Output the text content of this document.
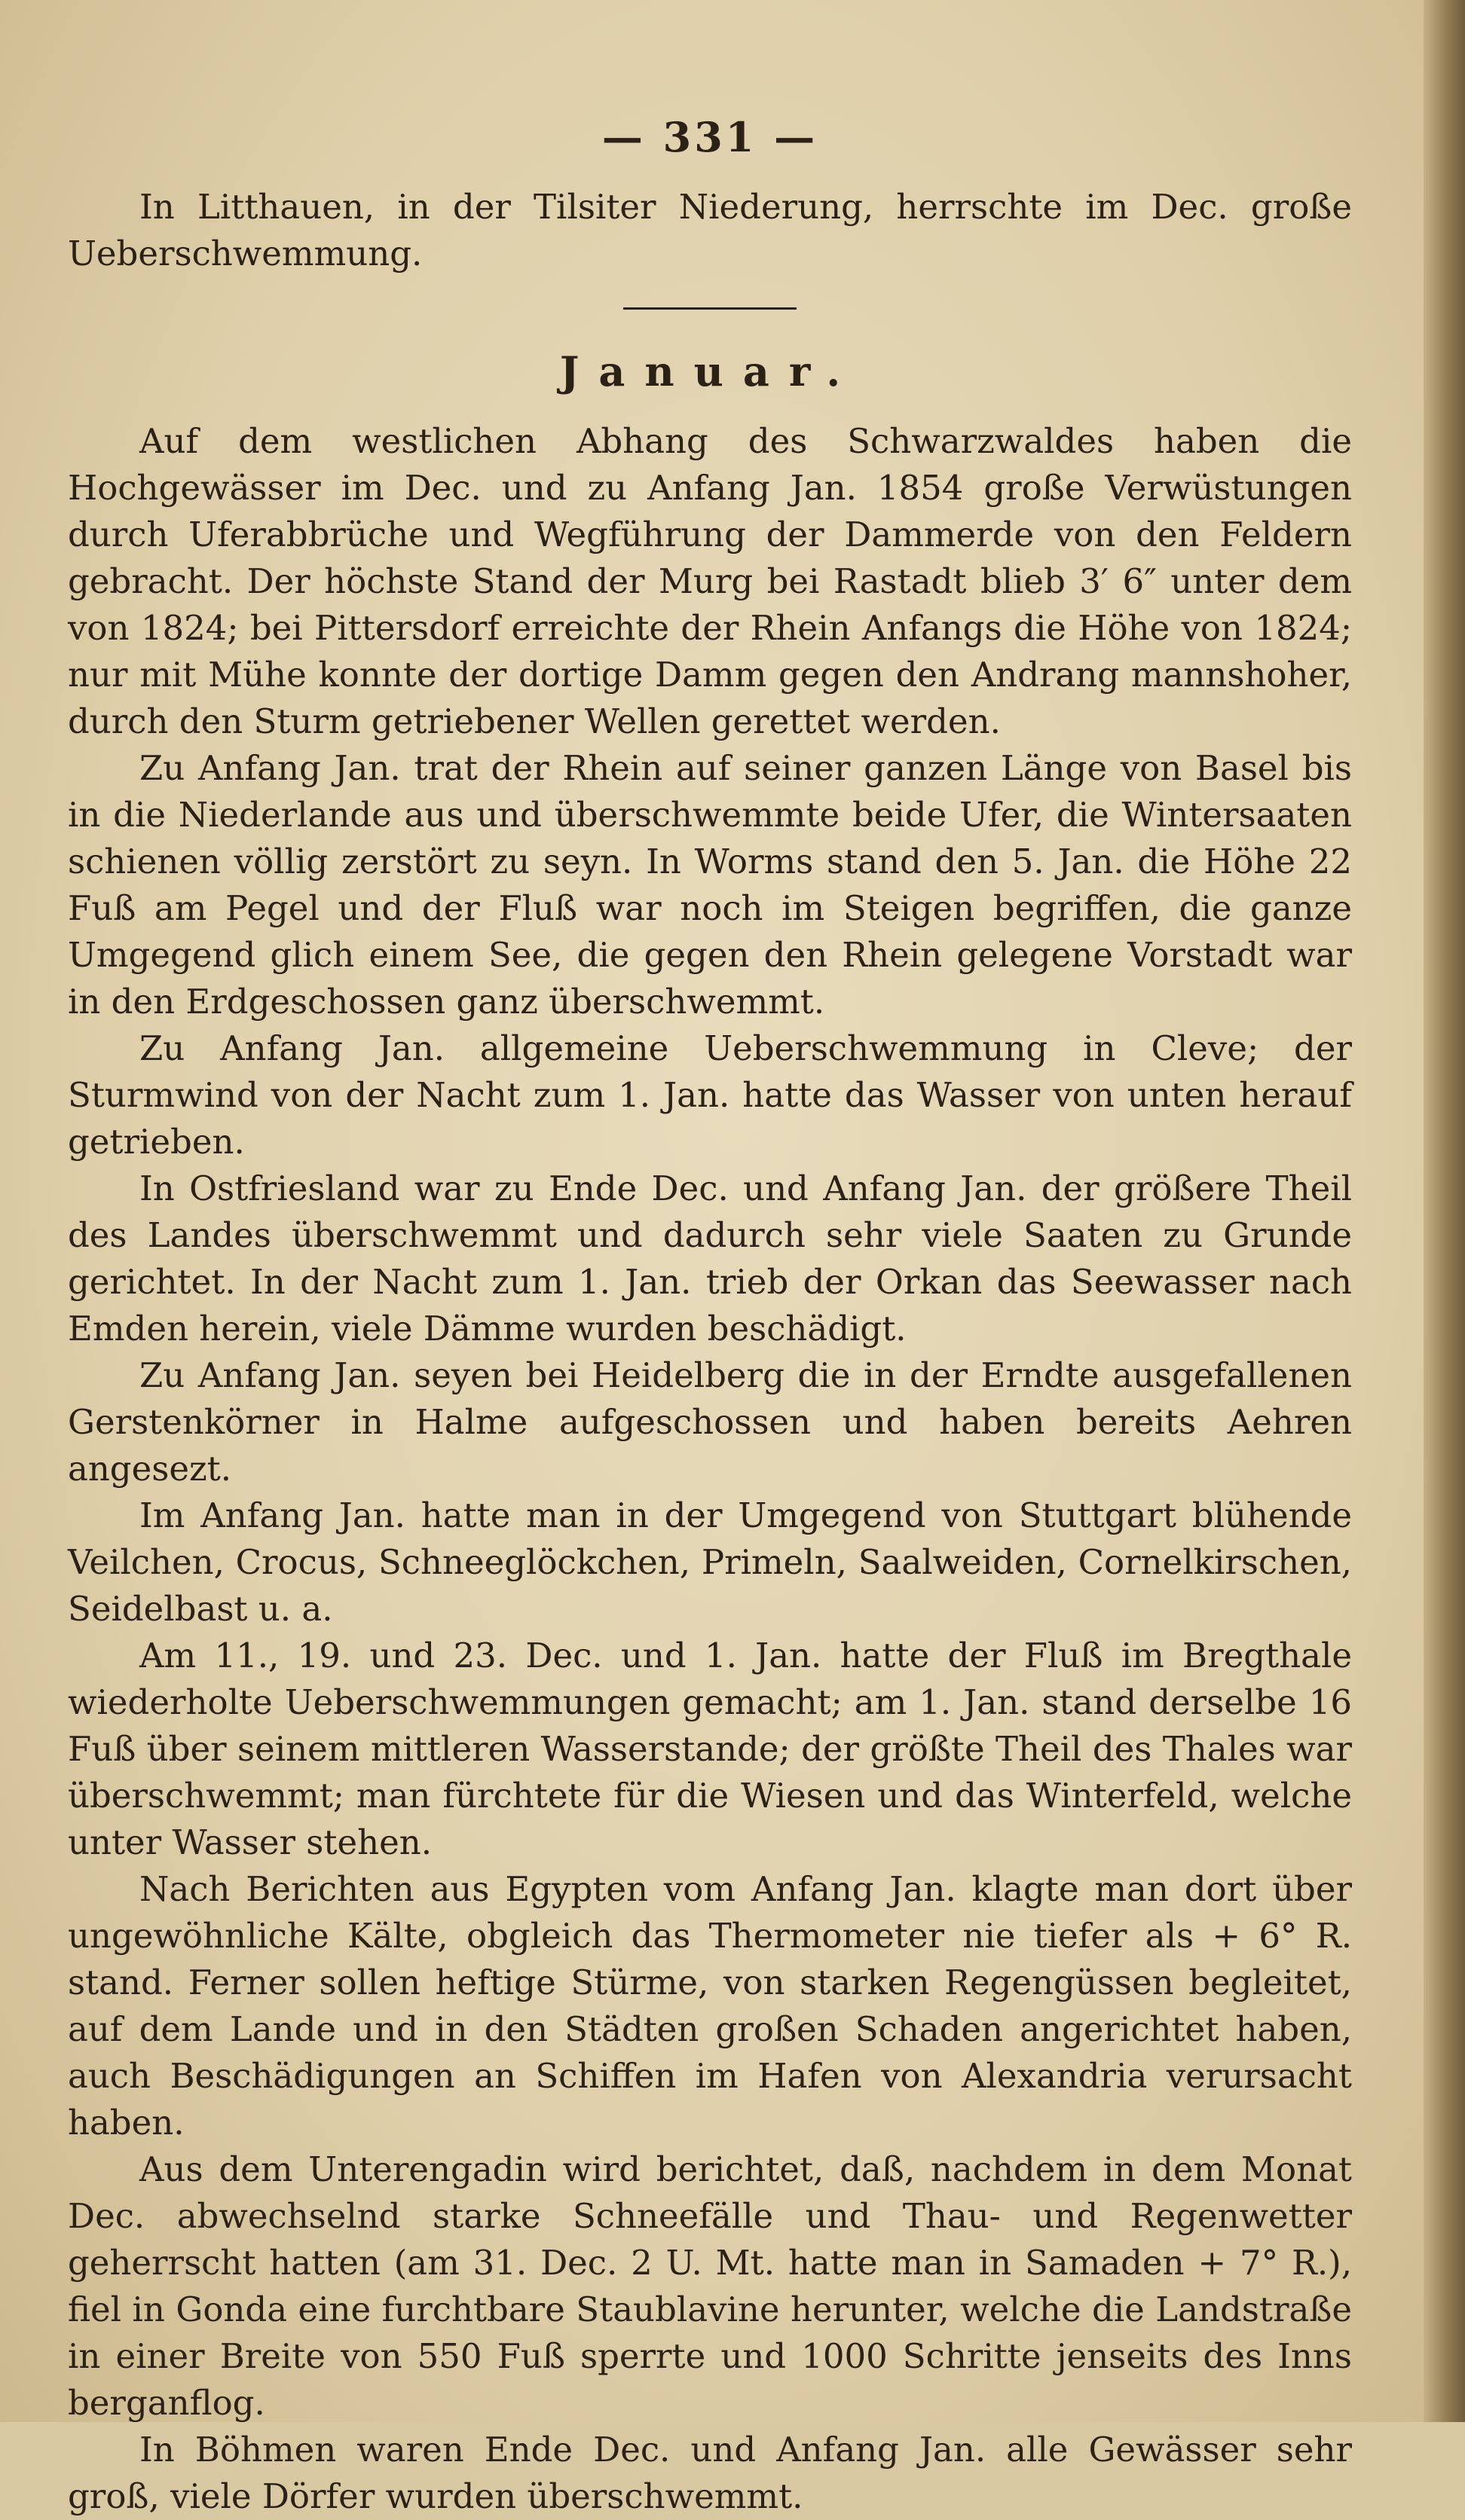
— 331 —

In Litthauen, in der Tilsiter Niederung, herrschte im Dec. große Ueberschwemmung.

Januar.

Auf dem westlichen Abhang des Schwarzwaldes haben die Hochgewässer im Dec. und zu Anfang Jan. 1854 große Verwüstungen durch Uferabbrüche und Wegführung der Dammerde von den Feldern gebracht. Der höchste Stand der Murg bei Rastadt blieb 3′ 6″ unter dem von 1824; bei Pittersdorf erreichte der Rhein Anfangs die Höhe von 1824; nur mit Mühe konnte der dortige Damm gegen den Andrang mannshoher, durch den Sturm getriebener Wellen gerettet werden.

Zu Anfang Jan. trat der Rhein auf seiner ganzen Länge von Basel bis in die Niederlande aus und überschwemmte beide Ufer, die Wintersaaten schienen völlig zerstört zu seyn. In Worms stand den 5. Jan. die Höhe 22 Fuß am Pegel und der Fluß war noch im Steigen begriffen, die ganze Umgegend glich einem See, die gegen den Rhein gelegene Vorstadt war in den Erdgeschossen ganz überschwemmt.

Zu Anfang Jan. allgemeine Ueberschwemmung in Cleve; der Sturmwind von der Nacht zum 1. Jan. hatte das Wasser von unten herauf getrieben.

In Ostfriesland war zu Ende Dec. und Anfang Jan. der größere Theil des Landes überschwemmt und dadurch sehr viele Saaten zu Grunde gerichtet. In der Nacht zum 1. Jan. trieb der Orkan das Seewasser nach Emden herein, viele Dämme wurden beschädigt.

Zu Anfang Jan. seyen bei Heidelberg die in der Erndte ausgefallenen Gerstenkörner in Halme aufgeschossen und haben bereits Aehren angesezt.

Im Anfang Jan. hatte man in der Umgegend von Stuttgart blühende Veilchen, Crocus, Schneeglöckchen, Primeln, Saalweiden, Cornelkirschen, Seidelbast u. a.

Am 11., 19. und 23. Dec. und 1. Jan. hatte der Fluß im Bregthale wiederholte Ueberschwemmungen gemacht; am 1. Jan. stand derselbe 16 Fuß über seinem mittleren Wasserstande; der größte Theil des Thales war überschwemmt; man fürchtete für die Wiesen und das Winterfeld, welche unter Wasser stehen.

Nach Berichten aus Egypten vom Anfang Jan. klagte man dort über ungewöhnliche Kälte, obgleich das Thermometer nie tiefer als + 6° R. stand. Ferner sollen heftige Stürme, von starken Regengüssen begleitet, auf dem Lande und in den Städten großen Schaden angerichtet haben, auch Beschädigungen an Schiffen im Hafen von Alexandria verursacht haben.

Aus dem Unterengadin wird berichtet, daß, nachdem in dem Monat Dec. abwechselnd starke Schneefälle und Thau- und Regenwetter geherrscht hatten (am 31. Dec. 2 U. Mt. hatte man in Samaden + 7° R.), fiel in Gonda eine furchtbare Staublavine herunter, welche die Landstraße in einer Breite von 550 Fuß sperrte und 1000 Schritte jenseits des Inns berganflog.

In Böhmen waren Ende Dec. und Anfang Jan. alle Gewässer sehr groß, viele Dörfer wurden überschwemmt.
